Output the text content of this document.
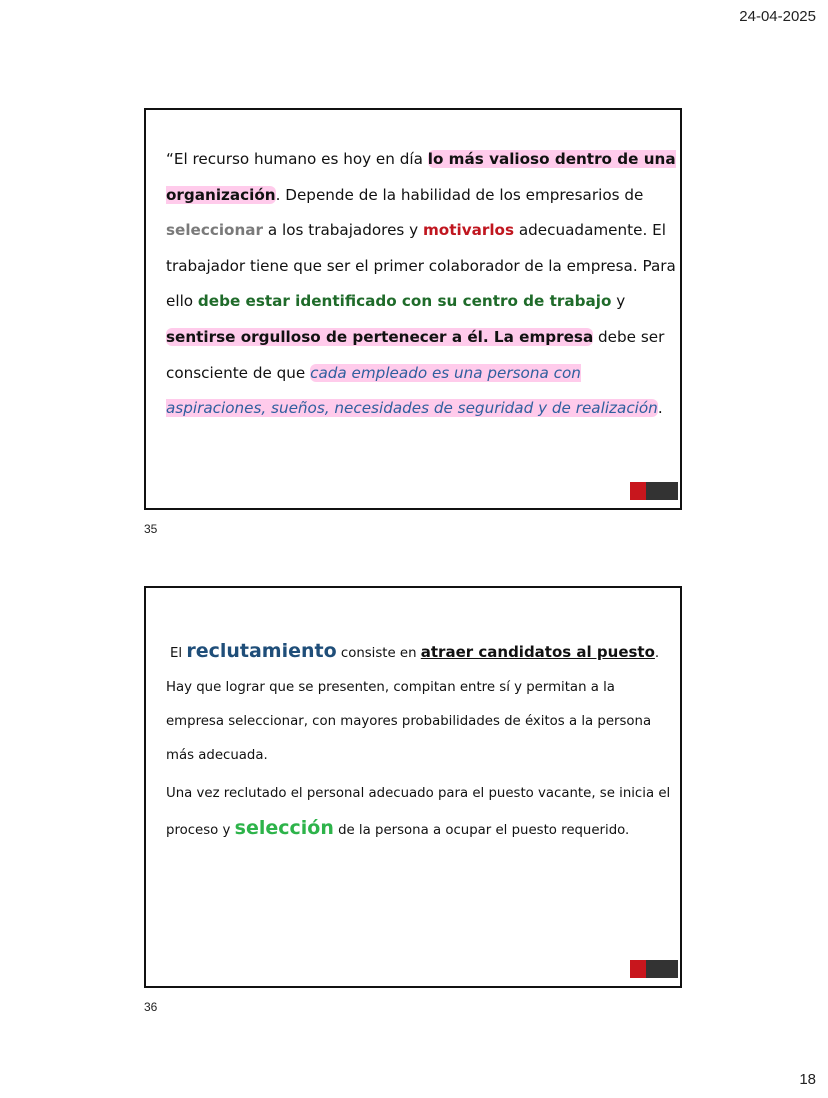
24-04-2025
“El recurso humano es hoy en día lo más valioso dentro de una organización. Depende de la habilidad de los empresarios de seleccionar a los trabajadores y motivarlos adecuadamente. El trabajador tiene que ser el primer colaborador de la empresa. Para ello debe estar identificado con su centro de trabajo y sentirse orgulloso de pertenecer a él. La empresa debe ser consciente de que cada empleado es una persona con aspiraciones, sueños, necesidades de seguridad y de realización.
35
El reclutamiento consiste en atraer candidatos al puesto.
Hay que lograr que se presenten, compitan entre sí y permitan a la empresa seleccionar, con mayores probabilidades de éxitos a la persona más adecuada.
Una vez reclutado el personal adecuado para el puesto vacante, se inicia el proceso y selección de la persona a ocupar el puesto requerido.
36
18
